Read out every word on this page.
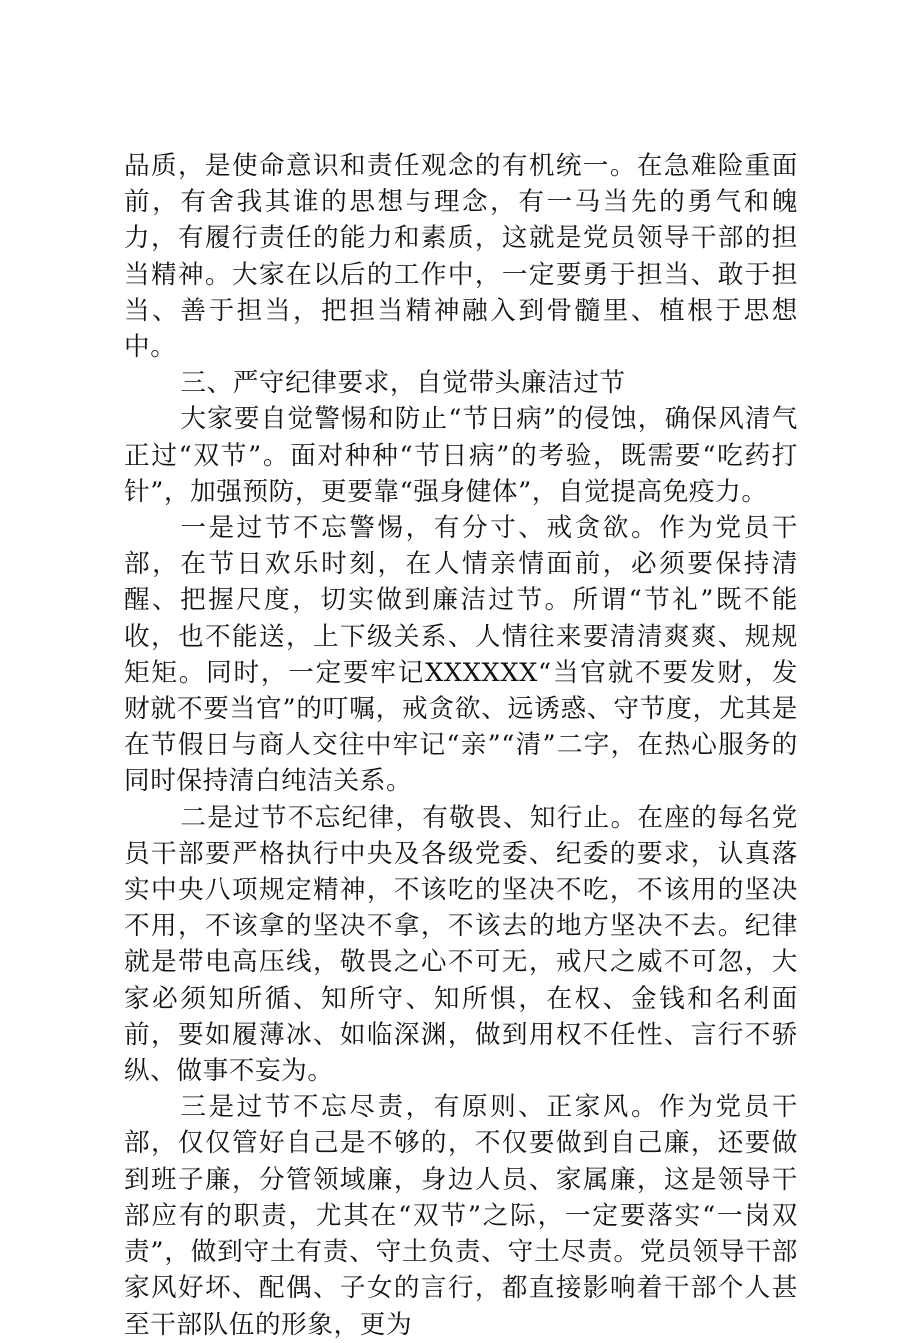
品质，是使命意识和责任观念的有机统一。在急难险重面前，有舍我其谁的思想与理念，有一马当先的勇气和魄力，有履行责任的能力和素质，这就是党员领导干部的担当精神。大家在以后的工作中，一定要勇于担当、敢于担当、善于担当，把担当精神融入到骨髓里、植根于思想中。

三、严守纪律要求，自觉带头廉洁过节

大家要自觉警惕和防止“节日病”的侵蚀，确保风清气正过“双节”。面对种种“节日病”的考验，既需要“吃药打针”，加强预防，更要靠“强身健体”，自觉提高免疫力。

一是过节不忘警惕，有分寸、戒贪欲。作为党员干部，在节日欢乐时刻，在人情亲情面前，必须要保持清醒、把握尺度，切实做到廉洁过节。所谓“节礼”既不能收，也不能送，上下级关系、人情往来要清清爽爽、规规矩矩。同时，一定要牢记XXXXXX“当官就不要发财，发财就不要当官”的叮嘱，戒贪欲、远诱惑、守节度，尤其是在节假日与商人交往中牢记“亲”“清”二字，在热心服务的同时保持清白纯洁关系。

二是过节不忘纪律，有敬畏、知行止。在座的每名党员干部要严格执行中央及各级党委、纪委的要求，认真落实中央八项规定精神，不该吃的坚决不吃，不该用的坚决不用，不该拿的坚决不拿，不该去的地方坚决不去。纪律就是带电高压线，敬畏之心不可无，戒尺之威不可忽，大家必须知所循、知所守、知所惧，在权、金钱和名利面前，要如履薄冰、如临深渊，做到用权不任性、言行不骄纵、做事不妄为。

三是过节不忘尽责，有原则、正家风。作为党员干部，仅仅管好自己是不够的，不仅要做到自己廉，还要做到班子廉，分管领域廉，身边人员、家属廉，这是领导干部应有的职责，尤其在“双节”之际，一定要落实“一岗双责”，做到守土有责、守土负责、守土尽责。党员领导干部家风好坏、配偶、子女的言行，都直接影响着干部个人甚至干部队伍的形象，更为
